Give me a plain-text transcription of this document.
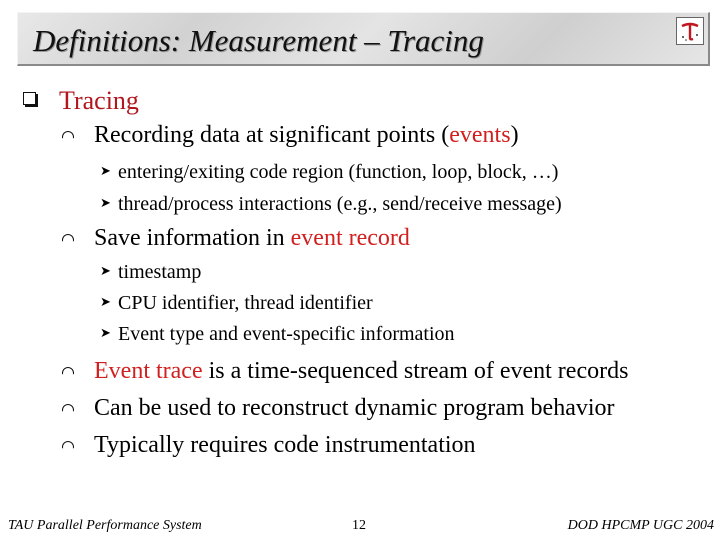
Definitions: Measurement – Tracing
Tracing
Recording data at significant points (events)
➤ entering/exiting code region (function, loop, block, …)
➤ thread/process interactions (e.g., send/receive message)
Save information in event record
➤ timestamp
➤ CPU identifier, thread identifier
➤ Event type and event-specific information
Event trace is a time-sequenced stream of event records
Can be used to reconstruct dynamic program behavior
Typically requires code instrumentation
TAU Parallel Performance System	12	DOD HPCMP UGC 2004
